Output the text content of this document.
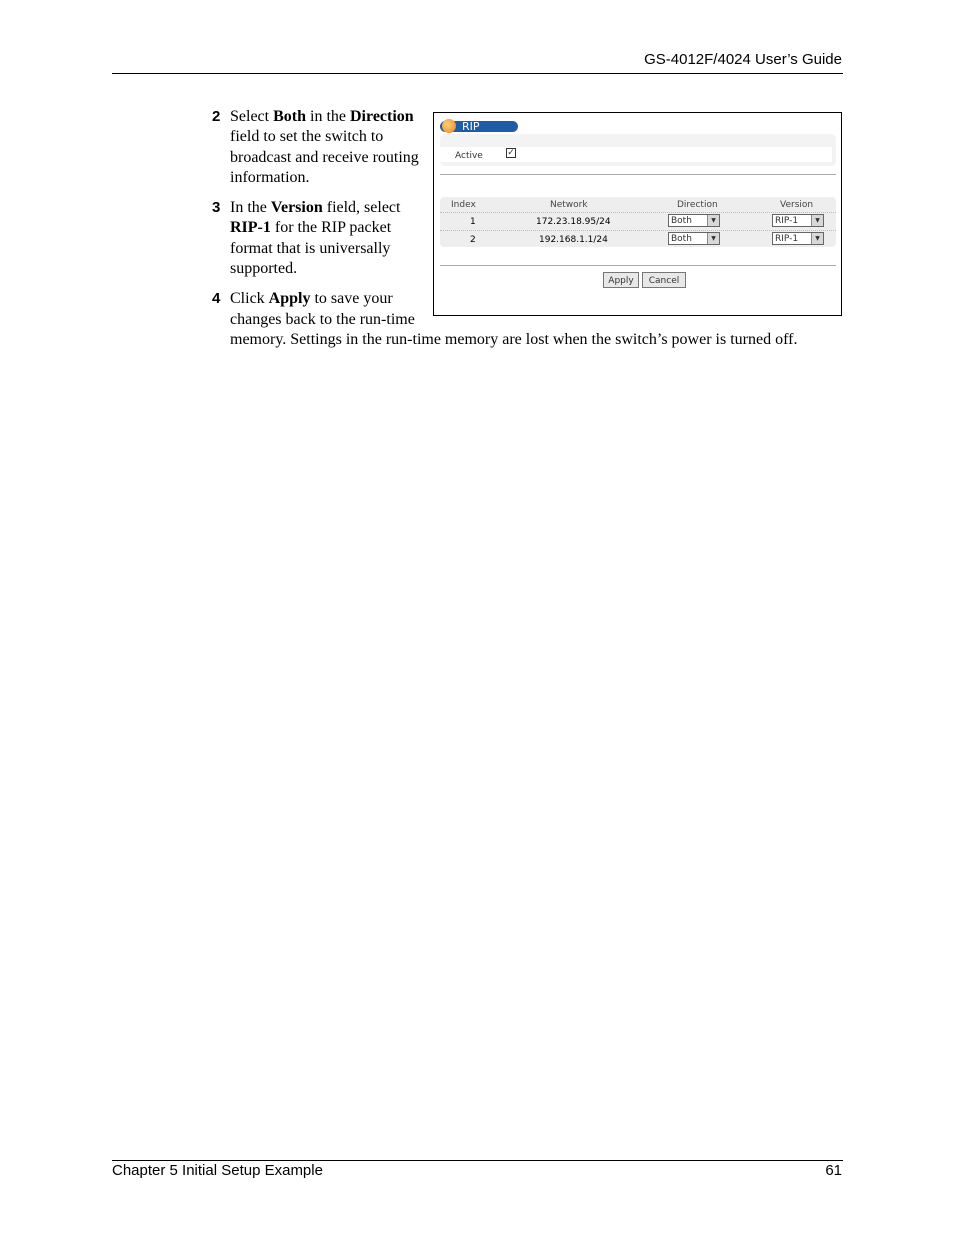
GS-4012F/4024 User’s Guide
2 Select Both in the Direction field to set the switch to broadcast and receive routing information.
3 In the Version field, select RIP-1 for the RIP packet format that is universally supported.
4 Click Apply to save your changes back to the run-time memory. Settings in the run-time memory are lost when the switch’s power is turned off.
RIP
Active	✓
Index	Network	Direction	Version
1	172.23.18.95/24	Both	▼	RIP-1	▼
2	192.168.1.1/24	Both	▼	RIP-1	▼
Apply	Cancel
Chapter 5 Initial Setup Example	61
